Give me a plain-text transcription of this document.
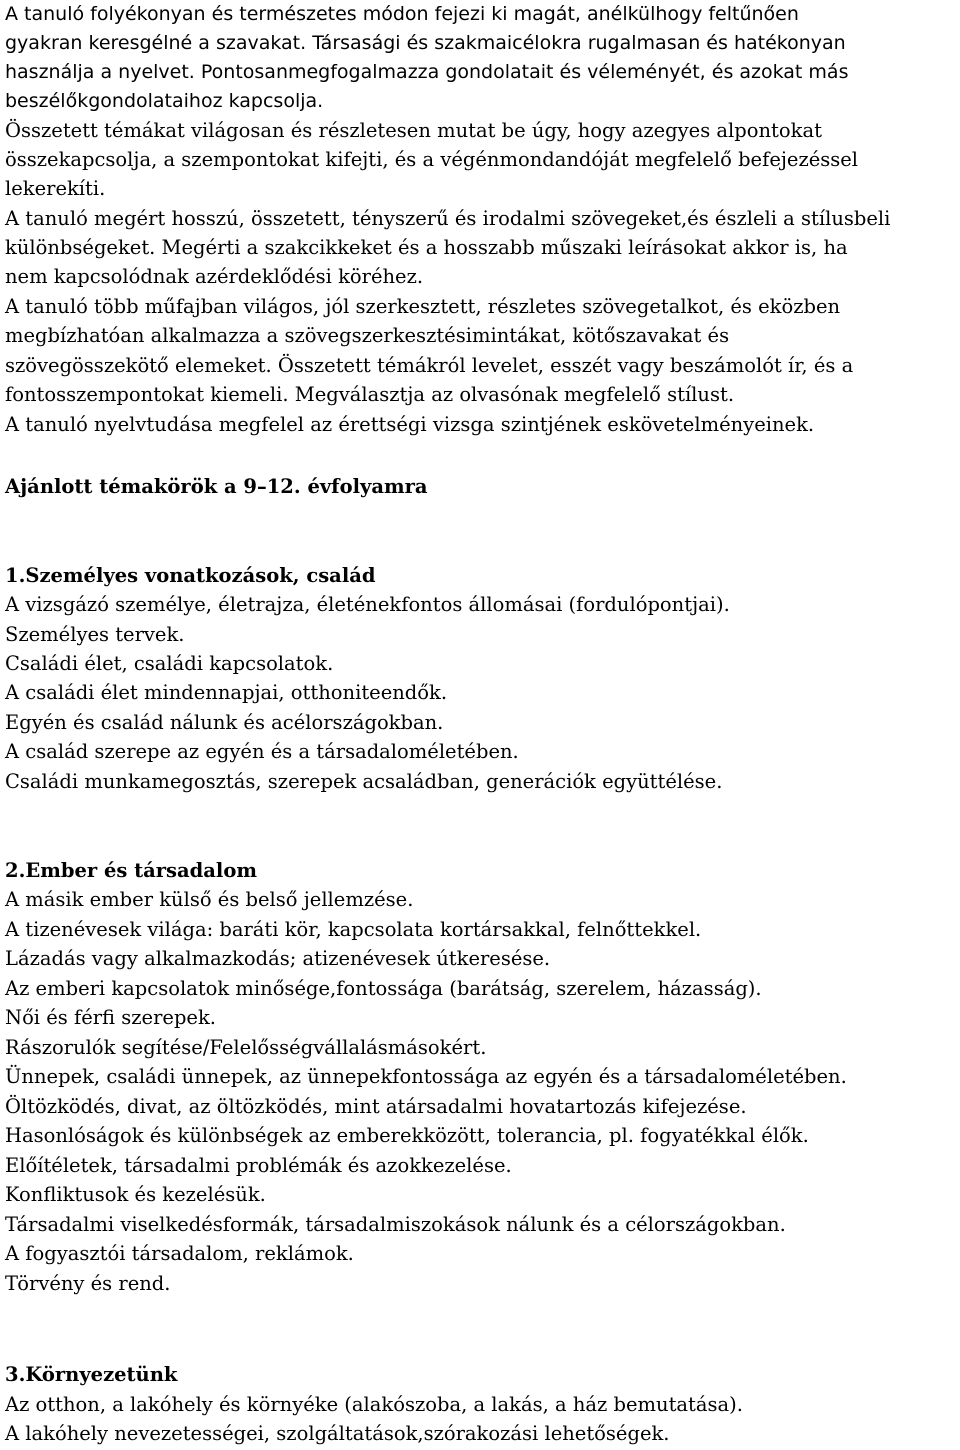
A tanuló folyékonyan és természetes módon fejezi ki magát, anélkülhogy feltűnően
gyakran keresgélné a szavakat. Társasági és szakmaicélokra rugalmasan és hatékonyan
használja a nyelvet. Pontosanmegfogalmazza gondolatait és véleményét, és azokat más
beszélőkgondolataihoz kapcsolja.
Összetett témákat világosan és részletesen mutat be úgy, hogy azegyes alpontokat
összekapcsolja, a szempontokat kifejti, és a végénmondandóját megfelelő befejezéssel
lekerekíti.
A tanuló megért hosszú, összetett, tényszerű és irodalmi szövegeket,és észleli a stílusbeli
különbségeket. Megérti a szakcikkeket és a hosszabb műszaki leírásokat akkor is, ha
nem kapcsolódnak azérdeklődési köréhez.
A tanuló több műfajban világos, jól szerkesztett, részletes szövegetalkot, és eközben
megbízhatóan alkalmazza a szövegszerkesztésimintákat, kötőszavakat és
szövegösszekötő elemeket. Összetett témákról levelet, esszét vagy beszámolót ír, és a
fontosszempontokat kiemeli. Megválasztja az olvasónak megfelelő stílust.
A tanuló nyelvtudása megfelel az érettségi vizsga szintjének eskövetelményeinek.
Ajánlott témakörök a 9–12. évfolyamra
1.Személyes vonatkozások, család
A vizsgázó személye, életrajza, életénekfontos állomásai (fordulópontjai).
Személyes tervek.
Családi élet, családi kapcsolatok.
A családi élet mindennapjai, otthoniteendők.
Egyén és család nálunk és acélországokban.
A család szerepe az egyén és a társadaloméletében.
Családi munkamegosztás, szerepek acsaládban, generációk együttélése.
2.Ember és társadalom
A másik ember külső és belső jellemzése.
A tizenévesek világa: baráti kör, kapcsolata kortársakkal, felnőttekkel.
Lázadás vagy alkalmazkodás; atizenévesek útkeresése.
Az emberi kapcsolatok minősége,fontossága (barátság, szerelem, házasság).
Női és férfi szerepek.
Rászorulók segítése/Felelősségvállalásmásokért.
Ünnepek, családi ünnepek, az ünnepekfontossága az egyén és a társadaloméletében.
Öltözködés, divat, az öltözködés, mint atársadalmi hovatartozás kifejezése.
Hasonlóságok és különbségek az emberekközött, tolerancia, pl. fogyatékkal élők.
Előítéletek, társadalmi problémák és azokkezelése.
Konfliktusok és kezelésük.
Társadalmi viselkedésformák, társadalmiszokások nálunk és a célországokban.
A fogyasztói társadalom, reklámok.
Törvény és rend.
3.Környezetünk
Az otthon, a lakóhely és környéke (alakószoba, a lakás, a ház bemutatása).
A lakóhely nevezetességei, szolgáltatások,szórakozási lehetőségek.
